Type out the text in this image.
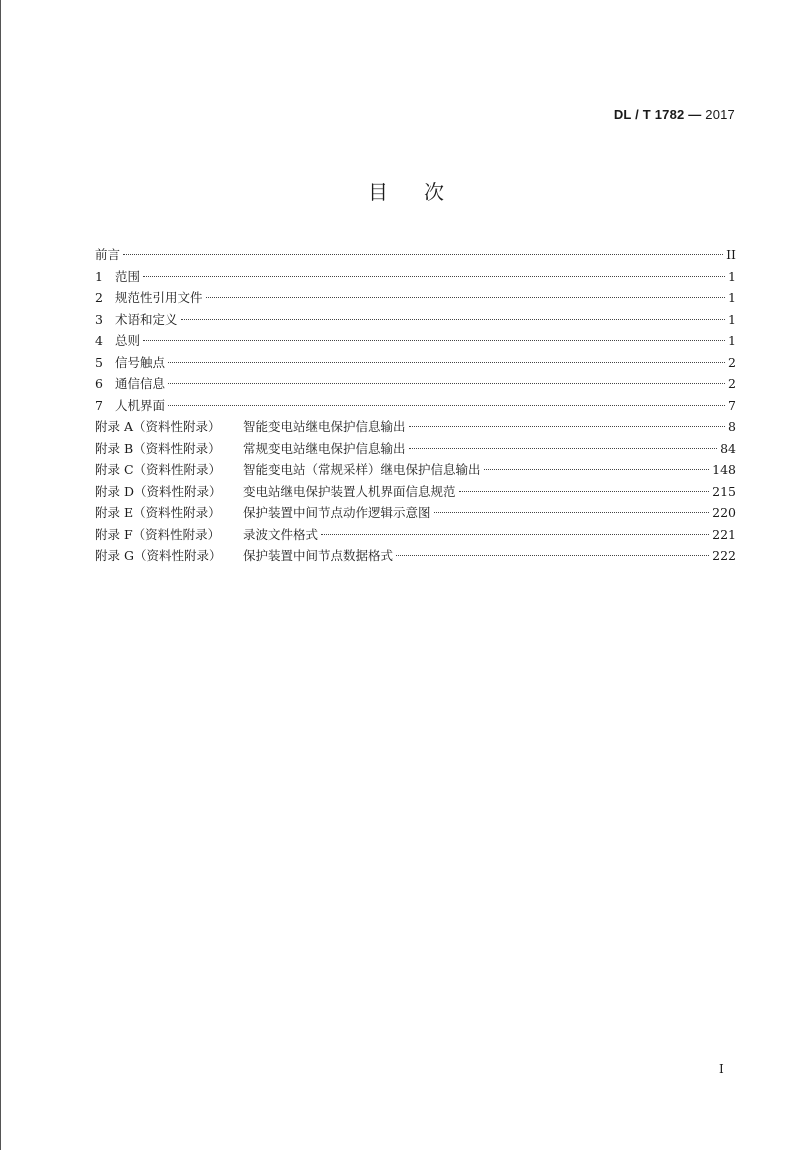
DL / T 1782 — 2017
目 次
前言	II
1 范围	1
2 规范性引用文件	1
3 术语和定义	1
4 总则	1
5 信号触点	2
6 通信信息	2
7 人机界面	7
附录 A（资料性附录）	智能变电站继电保护信息输出	8
附录 B（资料性附录）	常规变电站继电保护信息输出	84
附录 C（资料性附录）	智能变电站（常规采样）继电保护信息输出	148
附录 D（资料性附录）	变电站继电保护装置人机界面信息规范	215
附录 E（资料性附录）	保护装置中间节点动作逻辑示意图	220
附录 F（资料性附录）	录波文件格式	221
附录 G（资料性附录）	保护装置中间节点数据格式	222
I
